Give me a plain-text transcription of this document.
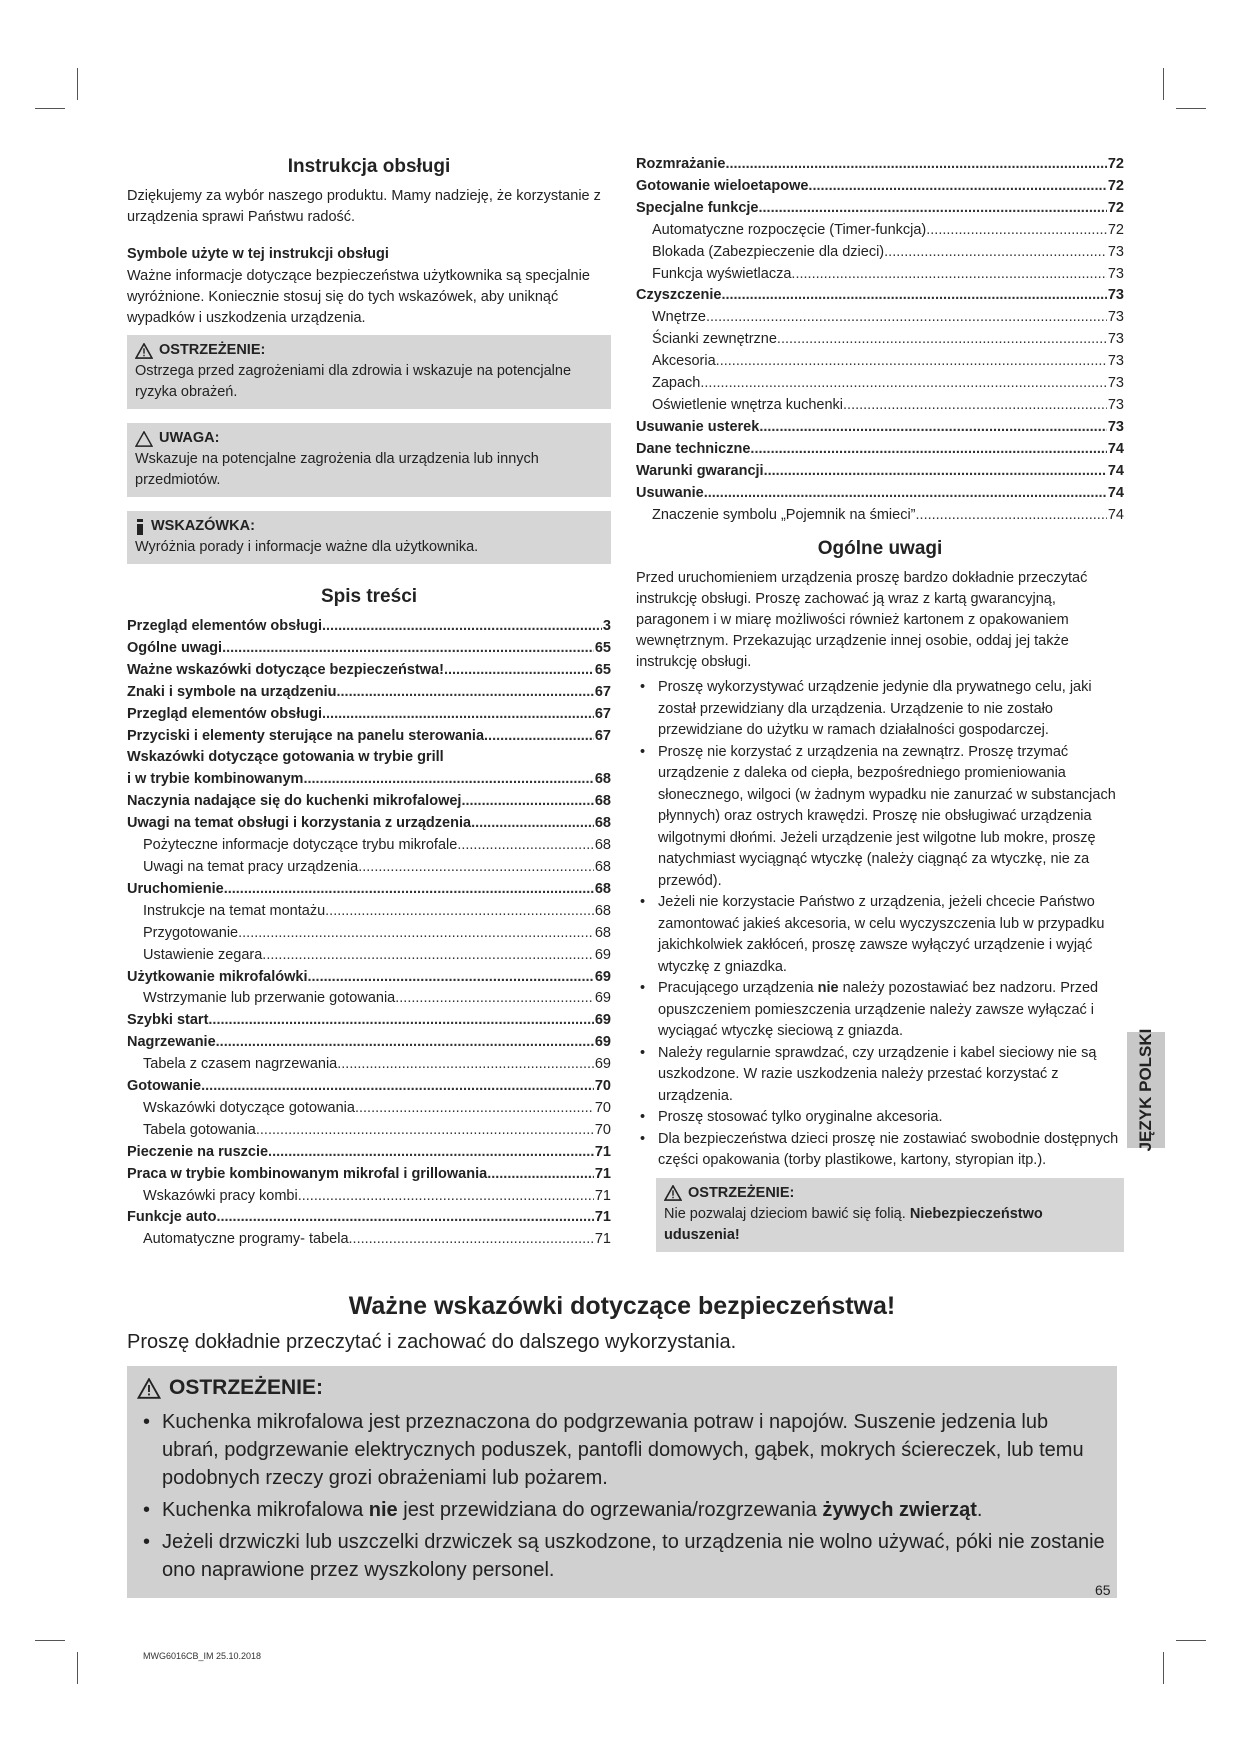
Instrukcja obsługi

Dziękujemy za wybór naszego produktu. Mamy nadzieję, że korzystanie z urządzenia sprawi Państwu radość.

Symbole użyte w tej instrukcji obsługi

Ważne informacje dotyczące bezpieczeństwa użytkownika są specjalnie wyróżnione. Koniecznie stosuj się do tych wskazówek, aby uniknąć wypadków i uszkodzenia urządzenia.

OSTRZEŻENIE:
Ostrzega przed zagrożeniami dla zdrowia i wskazuje na potencjalne ryzyka obrażeń.
UWAGA:
Wskazuje na potencjalne zagrożenia dla urządzenia lub innych przedmiotów.
WSKAZÓWKA:
Wyróżnia porady i informacje ważne dla użytkownika.
Spis treści
Przegląd elementów obsługi .....	3
Ogólne uwagi .....	65
Ważne wskazówki dotyczące bezpieczeństwa! .....	65
Znaki i symbole na urządzeniu .....	67
Przegląd elementów obsługi .....	67
Przyciski i elementy sterujące na panelu sterowania .....	67
Wskazówki dotyczące gotowania w trybie grill
i w trybie kombinowanym .....	68
Naczynia nadające się do kuchenki mikrofalowej .....	68
Uwagi na temat obsługi i korzystania z urządzenia .....	68
Pożyteczne informacje dotyczące trybu mikrofale .....	68
Uwagi na temat pracy urządzenia .....	68
Uruchomienie .....	68
Instrukcje na temat montażu .....	68
Przygotowanie .....	68
Ustawienie zegara .....	69
Użytkowanie mikrofalówki .....	69
Wstrzymanie lub przerwanie gotowania .....	69
Szybki start .....	69
Nagrzewanie .....	69
Tabela z czasem nagrzewania .....	69
Gotowanie .....	70
Wskazówki dotyczące gotowania .....	70
Tabela gotowania .....	70
Pieczenie na ruszcie .....	71
Praca w trybie kombinowanym mikrofal i grillowania .....	71
Wskazówki pracy kombi .....	71
Funkcje auto .....	71
Automatyczne programy- tabela .....	71
Rozmrażanie .....	72
Gotowanie wieloetapowe .....	72
Specjalne funkcje .....	72
Automatyczne rozpoczęcie (Timer-funkcja) .....	72
Blokada (Zabezpieczenie dla dzieci) .....	73
Funkcja wyświetlacza .....	73
Czyszczenie .....	73
Wnętrze .....	73
Ścianki zewnętrzne .....	73
Akcesoria .....	73
Zapach .....	73
Oświetlenie wnętrza kuchenki .....	73
Usuwanie usterek .....	73
Dane techniczne .....	74
Warunki gwarancji .....	74
Usuwanie .....	74
Znaczenie symbolu „Pojemnik na śmieci” .....	74
Ogólne uwagi

Przed uruchomieniem urządzenia proszę bardzo dokładnie przeczytać instrukcję obsługi. Proszę zachować ją wraz z kartą gwarancyjną, paragonem i w miarę możliwości również kartonem z opakowaniem wewnętrznym. Przekazując urządzenie innej osobie, oddaj jej także instrukcję obsługi.

• Proszę wykorzystywać urządzenie jedynie dla prywatnego celu, jaki został przewidziany dla urządzenia. Urządzenie to nie zostało przewidziane do użytku w ramach działalności gospodarczej.
• Proszę nie korzystać z urządzenia na zewnątrz. Proszę trzymać urządzenie z daleka od ciepła, bezpośredniego promieniowania słonecznego, wilgoci (w żadnym wypadku nie zanurzać w substancjach płynnych) oraz ostrych krawędzi. Proszę nie obsługiwać urządzenia wilgotnymi dłońmi. Jeżeli urządzenie jest wilgotne lub mokre, proszę natychmiast wyciągnąć wtyczkę (należy ciągnąć za wtyczkę, nie za przewód).
• Jeżeli nie korzystacie Państwo z urządzenia, jeżeli chcecie Państwo zamontować jakieś akcesoria, w celu wyczyszczenia lub w przypadku jakichkolwiek zakłóceń, proszę zawsze wyłączyć urządzenie i wyjąć wtyczkę z gniazdka.
• Pracującego urządzenia nie należy pozostawiać bez nadzoru. Przed opuszczeniem pomieszczenia urządzenie należy zawsze wyłączać i wyciągać wtyczkę sieciową z gniazda.
• Należy regularnie sprawdzać, czy urządzenie i kabel sieciowy nie są uszkodzone. W razie uszkodzenia należy przestać korzystać z urządzenia.
• Proszę stosować tylko oryginalne akcesoria.
• Dla bezpieczeństwa dzieci proszę nie zostawiać swobodnie dostępnych części opakowania (torby plastikowe, kartony, styropian itp.).
OSTRZEŻENIE:
Nie pozwalaj dzieciom bawić się folią. Niebezpieczeństwo uduszenia!
Ważne wskazówki dotyczące bezpieczeństwa!
Proszę dokładnie przeczytać i zachować do dalszego wykorzystania.
OSTRZEŻENIE:
• Kuchenka mikrofalowa jest przeznaczona do podgrzewania potraw i napojów. Suszenie jedzenia lub ubrań, podgrzewanie elektrycznych poduszek, pantofli domowych, gąbek, mokrych ściereczek, lub temu podobnych rzeczy grozi obrażeniami lub pożarem.
• Kuchenka mikrofalowa nie jest przewidziana do ogrzewania/rozgrzewania żywych zwierząt.
• Jeżeli drzwiczki lub uszczelki drzwiczek są uszkodzone, to urządzenia nie wolno używać, póki nie zostanie ono naprawione przez wyszkolony personel.
JĘZYK POLSKI
65
MWG6016CB_IM 25.10.2018
